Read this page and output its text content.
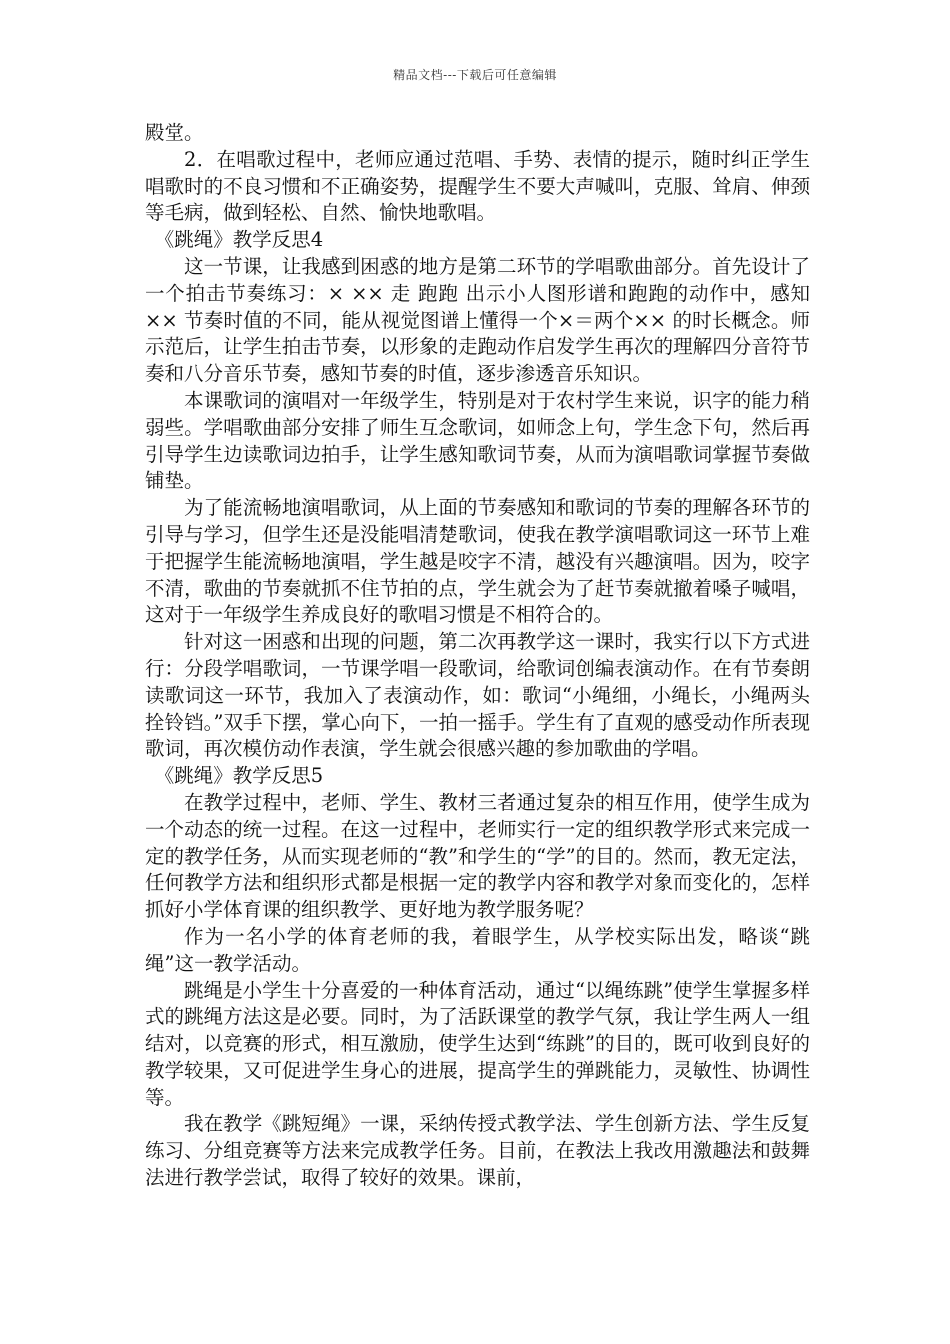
精品文档---下载后可任意编辑

殿堂。

2．在唱歌过程中，老师应通过范唱、手势、表情的提示，随时纠正学生唱歌时的不良习惯和不正确姿势，提醒学生不要大声喊叫，克服、耸肩、伸颈等毛病，做到轻松、自然、愉快地歌唱。

《跳绳》教学反思4

这一节课，让我感到困惑的地方是第二环节的学唱歌曲部分。首先设计了一个拍击节奏练习：× ×× 走 跑跑 出示小人图形谱和跑跑的动作中，感知×× 节奏时值的不同，能从视觉图谱上懂得一个×＝两个×× 的时长概念。师示范后，让学生拍击节奏，以形象的走跑动作启发学生再次的理解四分音符节奏和八分音乐节奏，感知节奏的时值，逐步渗透音乐知识。

本课歌词的演唱对一年级学生，特别是对于农村学生来说，识字的能力稍弱些。学唱歌曲部分安排了师生互念歌词，如师念上句，学生念下句，然后再引导学生边读歌词边拍手，让学生感知歌词节奏，从而为演唱歌词掌握节奏做铺垫。

为了能流畅地演唱歌词，从上面的节奏感知和歌词的节奏的理解各环节的引导与学习，但学生还是没能唱清楚歌词，使我在教学演唱歌词这一环节上难于把握学生能流畅地演唱，学生越是咬字不清，越没有兴趣演唱。因为，咬字不清，歌曲的节奏就抓不住节拍的点，学生就会为了赶节奏就撤着嗓子喊唱，这对于一年级学生养成良好的歌唱习惯是不相符合的。

针对这一困惑和出现的问题，第二次再教学这一课时，我实行以下方式进行：分段学唱歌词，一节课学唱一段歌词，给歌词创编表演动作。在有节奏朗读歌词这一环节，我加入了表演动作，如：歌词“小绳细，小绳长，小绳两头拴铃铛。”双手下摆，掌心向下，一拍一摇手。学生有了直观的感受动作所表现歌词，再次模仿动作表演，学生就会很感兴趣的参加歌曲的学唱。

《跳绳》教学反思5

在教学过程中，老师、学生、教材三者通过复杂的相互作用，使学生成为一个动态的统一过程。在这一过程中，老师实行一定的组织教学形式来完成一定的教学任务，从而实现老师的“教”和学生的“学”的目的。然而，教无定法，任何教学方法和组织形式都是根据一定的教学内容和教学对象而变化的，怎样抓好小学体育课的组织教学、更好地为教学服务呢？

作为一名小学的体育老师的我，着眼学生，从学校实际出发，略谈“跳绳”这一教学活动。

跳绳是小学生十分喜爱的一种体育活动，通过“以绳练跳”使学生掌握多样式的跳绳方法这是必要。同时，为了活跃课堂的教学气氛，我让学生两人一组结对，以竞赛的形式，相互激励，使学生达到“练跳”的目的，既可收到良好的教学较果，又可促进学生身心的进展，提高学生的弹跳能力，灵敏性、协调性等。

我在教学《跳短绳》一课，采纳传授式教学法、学生创新方法、学生反复练习、分组竞赛等方法来完成教学任务。目前，在教法上我改用激趣法和鼓舞法进行教学尝试，取得了较好的效果。课前，
